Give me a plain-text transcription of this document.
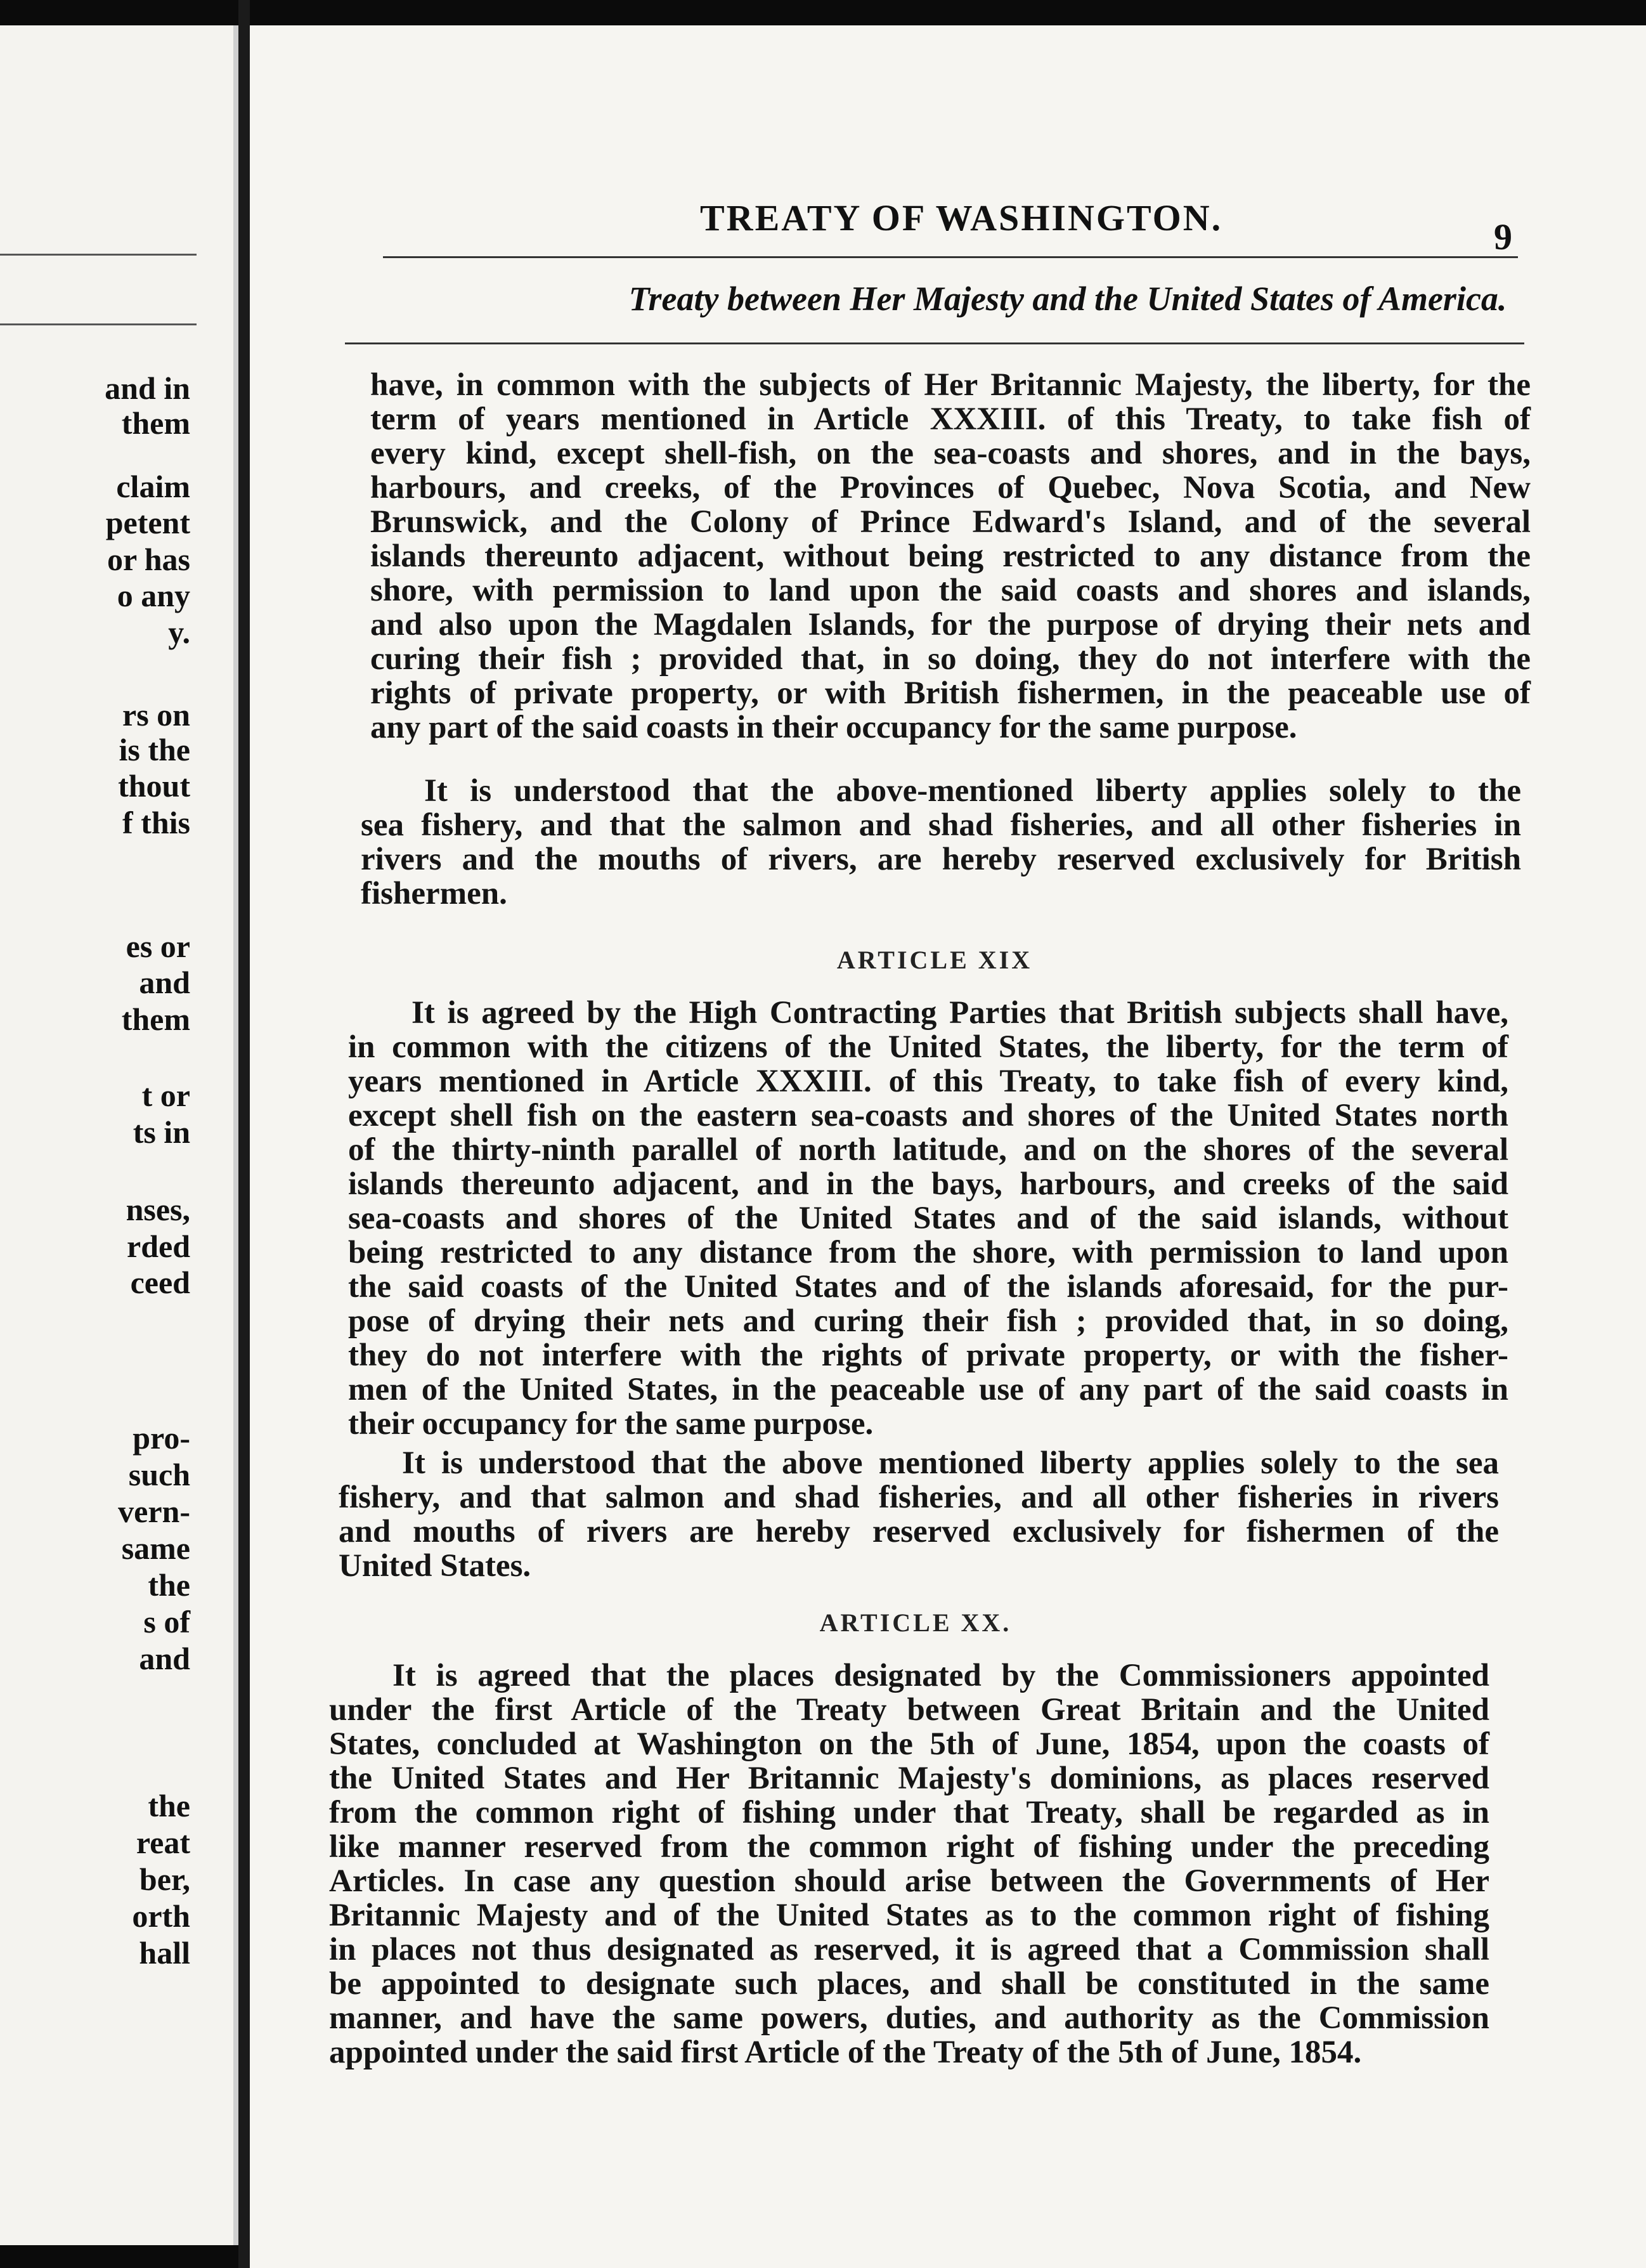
and in
them
claim
petent
or has
o any
y.
rs on
is the
thout
f this
es or
and
them
t or
ts in
nses,
rded
ceed
pro-
such
vern-
same
the
s of
and
the
reat
ber,
orth
hall
TREATY OF WASHINGTON.	9
Treaty between Her Majesty and the United States of America.
have, in common with the subjects of Her Britannic Majesty, the liberty, for the
term of years mentioned in Article XXXIII. of this Treaty, to take fish of
every kind, except shell-fish, on the sea-coasts and shores, and in the bays,
harbours, and creeks, of the Provinces of Quebec, Nova Scotia, and New
Brunswick, and the Colony of Prince Edward's Island, and of the several
islands thereunto adjacent, without being restricted to any distance from the
shore, with permission to land upon the said coasts and shores and islands,
and also upon the Magdalen Islands, for the purpose of drying their nets and
curing their fish ; provided that, in so doing, they do not interfere with the
rights of private property, or with British fishermen, in the peaceable use of
any part of the said coasts in their occupancy for the same purpose.
It is understood that the above-mentioned liberty applies solely to the
sea fishery, and that the salmon and shad fisheries, and all other fisheries in
rivers and the mouths of rivers, are hereby reserved exclusively for British
fishermen.
ARTICLE XIX
It is agreed by the High Contracting Parties that British subjects shall have,
in common with the citizens of the United States, the liberty, for the term of
years mentioned in Article XXXIII. of this Treaty, to take fish of every kind,
except shell fish on the eastern sea-coasts and shores of the United States north
of the thirty-ninth parallel of north latitude, and on the shores of the several
islands thereunto adjacent, and in the bays, harbours, and creeks of the said
sea-coasts and shores of the United States and of the said islands, without
being restricted to any distance from the shore, with permission to land upon
the said coasts of the United States and of the islands aforesaid, for the pur-
pose of drying their nets and curing their fish ; provided that, in so doing,
they do not interfere with the rights of private property, or with the fisher-
men of the United States, in the peaceable use of any part of the said coasts in
their occupancy for the same purpose.
It is understood that the above mentioned liberty applies solely to the sea
fishery, and that salmon and shad fisheries, and all other fisheries in rivers
and mouths of rivers are hereby reserved exclusively for fishermen of the
United States.
ARTICLE XX.
It is agreed that the places designated by the Commissioners appointed
under the first Article of the Treaty between Great Britain and the United
States, concluded at Washington on the 5th of June, 1854, upon the coasts of
the United States and Her Britannic Majesty's dominions, as places reserved
from the common right of fishing under that Treaty, shall be regarded as in
like manner reserved from the common right of fishing under the preceding
Articles. In case any question should arise between the Governments of Her
Britannic Majesty and of the United States as to the common right of fishing
in places not thus designated as reserved, it is agreed that a Commission shall
be appointed to designate such places, and shall be constituted in the same
manner, and have the same powers, duties, and authority as the Commission
appointed under the said first Article of the Treaty of the 5th of June, 1854.
